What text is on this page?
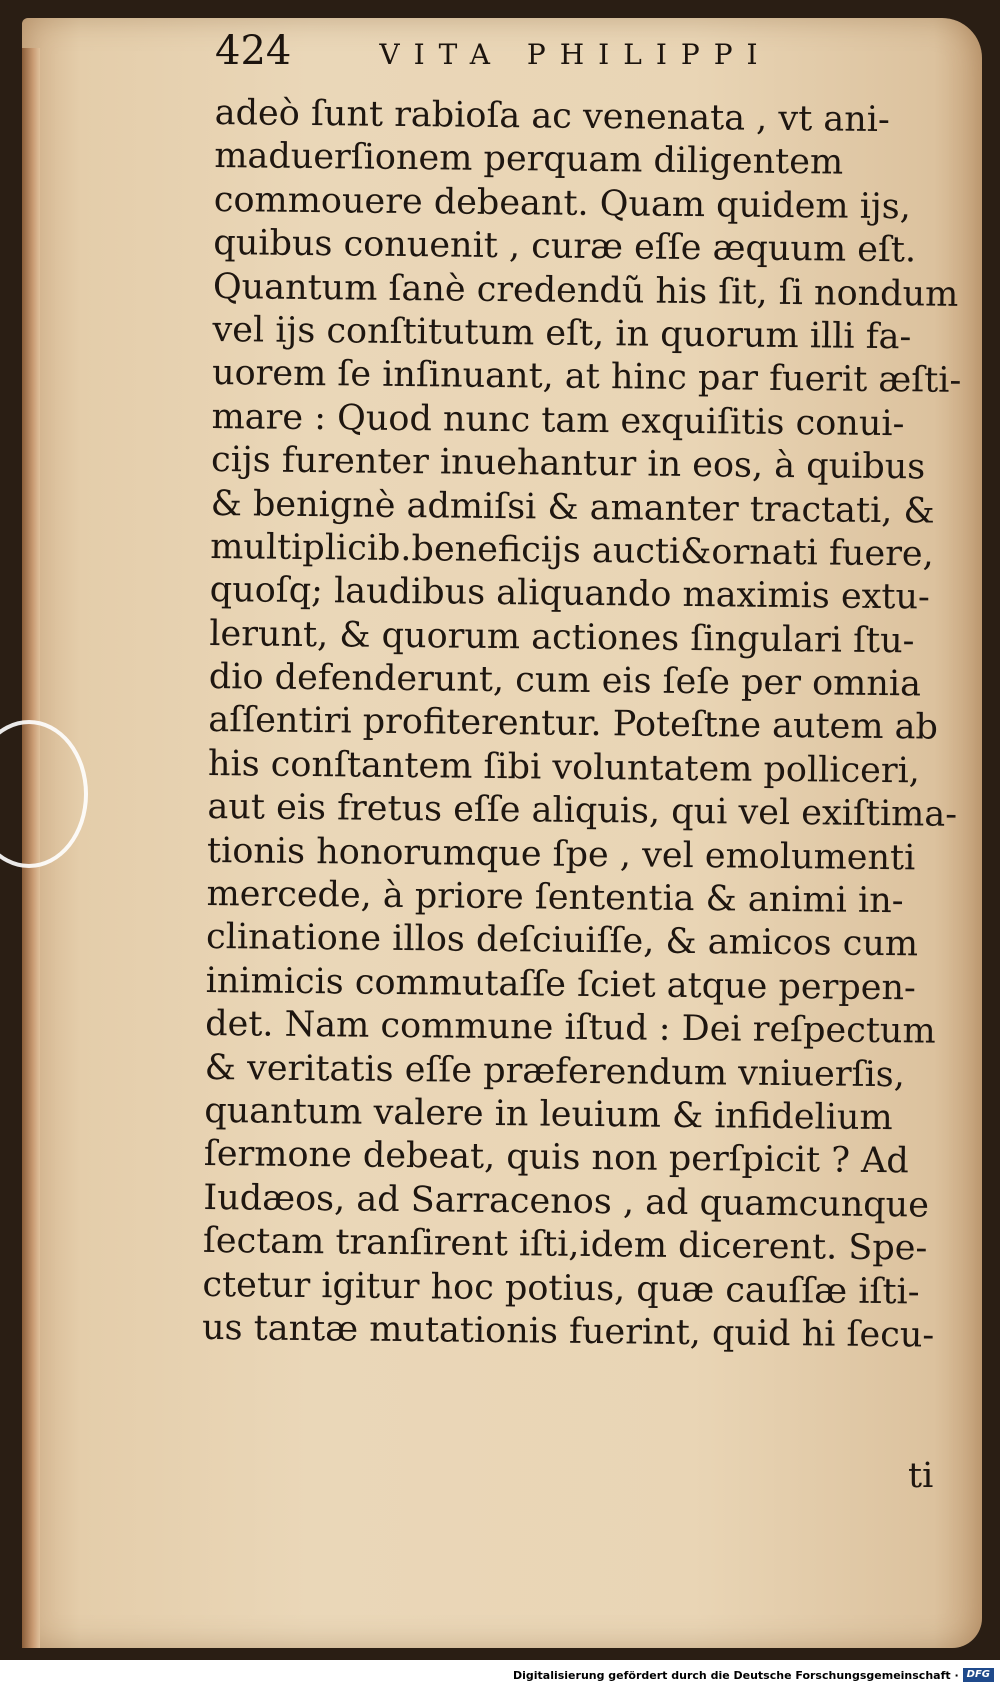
424	VITA PHILIPPI
adeò ſunt rabioſa ac venenata , vt ani-
maduerſionem perquam diligentem
commouere debeant. Quam quidem ijs,
quibus conuenit , curæ eſſe æquum eſt.
Quantum ſanè credendũ his ſit, ſi nondum
vel ijs conſtitutum eſt, in quorum illi fa-
uorem ſe inſinuant, at hinc par fuerit æſti-
mare : Quod nunc tam exquiſitis conui-
cijs furenter inuehantur in eos, à quibus
& benignè admiſsi & amanter tractati, &
multiplicib.beneficijs aucti&ornati fuere,
quoſq; laudibus aliquando maximis extu-
lerunt, & quorum actiones ſingulari ſtu-
dio defenderunt, cum eis ſeſe per omnia
aſſentiri profiterentur. Poteſtne autem ab
his conſtantem ſibi voluntatem polliceri,
aut eis fretus eſſe aliquis, qui vel exiſtima-
tionis honorumque ſpe , vel emolumenti
mercede, à priore ſententia & animi in-
clinatione illos deſciuiſſe, & amicos cum
inimicis commutaſſe ſciet atque perpen-
det. Nam commune iſtud : Dei reſpectum
& veritatis eſſe præferendum vniuerſis,
quantum valere in leuium & infidelium
ſermone debeat, quis non perſpicit ? Ad
Iudæos, ad Sarracenos , ad quamcunque
ſectam tranſirent iſti,idem dicerent. Spe-
ctetur igitur hoc potius, quæ cauſſæ iſti-
us tantæ mutationis fuerint, quid hi ſecu-
ti
Digitalisierung gefördert durch die Deutsche Forschungsgemeinschaft · DFG
